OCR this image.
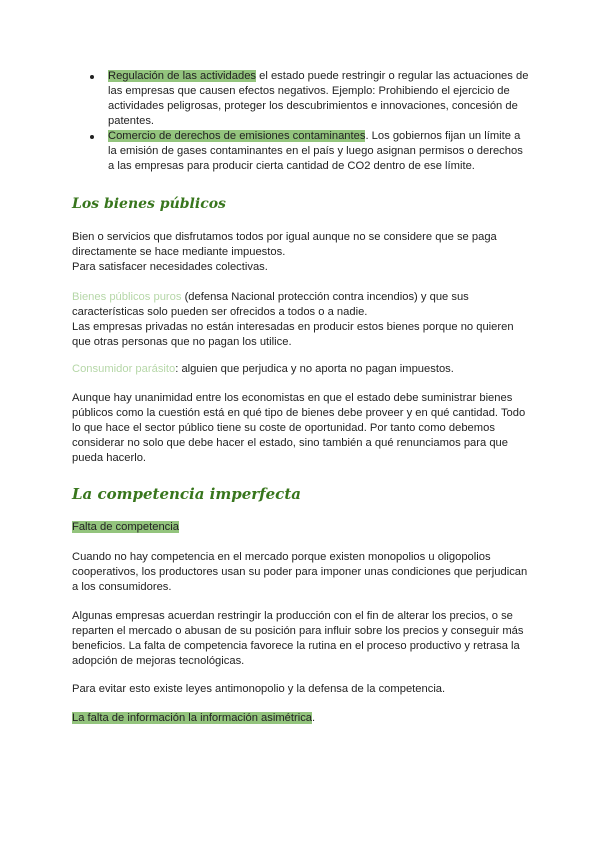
Regulación de las actividades el estado puede restringir o regular las actuaciones de las empresas que causen efectos negativos. Ejemplo: Prohibiendo el ejercicio de actividades peligrosas, proteger los descubrimientos e innovaciones, concesión de patentes.
Comercio de derechos de emisiones contaminantes. Los gobiernos fijan un límite a la emisión de gases contaminantes en el país y luego asignan permisos o derechos a las empresas para producir cierta cantidad de CO2 dentro de ese límite.
Los bienes públicos

Bien o servicios que disfrutamos todos por igual aunque no se considere que se paga directamente se hace mediante impuestos.
Para satisfacer necesidades colectivas.

Bienes públicos puros (defensa Nacional protección contra incendios) y que sus características solo pueden ser ofrecidos a todos o a nadie.
Las empresas privadas no están interesadas en producir estos bienes porque no quieren que otras personas que no pagan los utilice.

Consumidor parásito: alguien que perjudica y no aporta no pagan impuestos.

Aunque hay unanimidad entre los economistas en que el estado debe suministrar bienes públicos como la cuestión está en qué tipo de bienes debe proveer y en qué cantidad. Todo lo que hace el sector público tiene su coste de oportunidad. Por tanto como debemos considerar no solo que debe hacer el estado, sino también a qué renunciamos para que pueda hacerlo.

La competencia imperfecta

Falta de competencia

Cuando no hay competencia en el mercado porque existen monopolios u oligopolios cooperativos, los productores usan su poder para imponer unas condiciones que perjudican a los consumidores.

Algunas empresas acuerdan restringir la producción con el fin de alterar los precios, o se reparten el mercado o abusan de su posición para influir sobre los precios y conseguir más beneficios. La falta de competencia favorece la rutina en el proceso productivo y retrasa la adopción de mejoras tecnológicas.

Para evitar esto existe leyes antimonopolio y la defensa de la competencia.

La falta de información la información asimétrica.
